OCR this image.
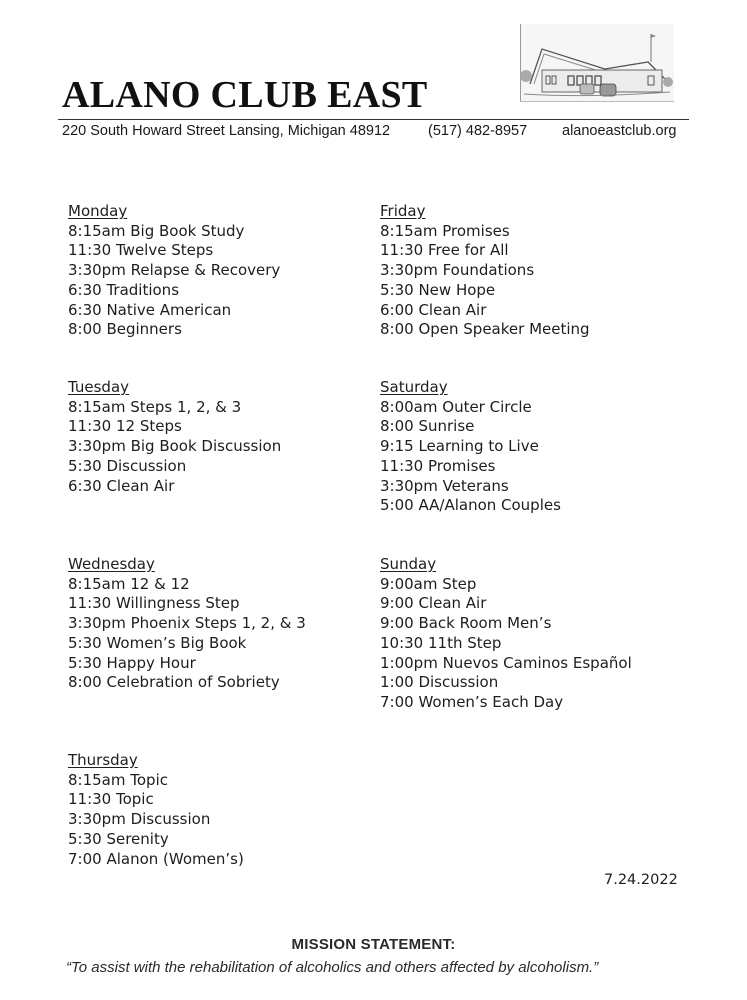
ALANO CLUB EAST
220 South Howard Street Lansing, Michigan 48912	(517) 482-8957 alanoeastclub.org
Monday
8:15am Big Book Study
11:30 Twelve Steps
3:30pm Relapse & Recovery
6:30 Traditions
6:30 Native American
8:00 Beginners
Tuesday
8:15am Steps 1, 2, & 3
11:30 12 Steps
3:30pm Big Book Discussion
5:30 Discussion
6:30 Clean Air
Wednesday
8:15am 12 & 12
11:30 Willingness Step
3:30pm Phoenix Steps 1, 2, & 3
5:30 Women’s Big Book
5:30 Happy Hour
8:00 Celebration of Sobriety
Thursday
8:15am Topic
11:30 Topic
3:30pm Discussion
5:30 Serenity
7:00 Alanon (Women’s)
Friday
8:15am Promises
11:30 Free for All
3:30pm Foundations
5:30 New Hope
6:00 Clean Air
8:00 Open Speaker Meeting
Saturday
8:00am Outer Circle
8:00 Sunrise
9:15 Learning to Live
11:30 Promises
3:30pm Veterans
5:00 AA/Alanon Couples
Sunday
9:00am Step
9:00 Clean Air
9:00 Back Room Men’s
10:30 11th Step
1:00pm Nuevos Caminos Español
1:00 Discussion
7:00 Women’s Each Day
7.24.2022
MISSION STATEMENT:
“To assist with the rehabilitation of alcoholics and others affected by alcoholism.”
